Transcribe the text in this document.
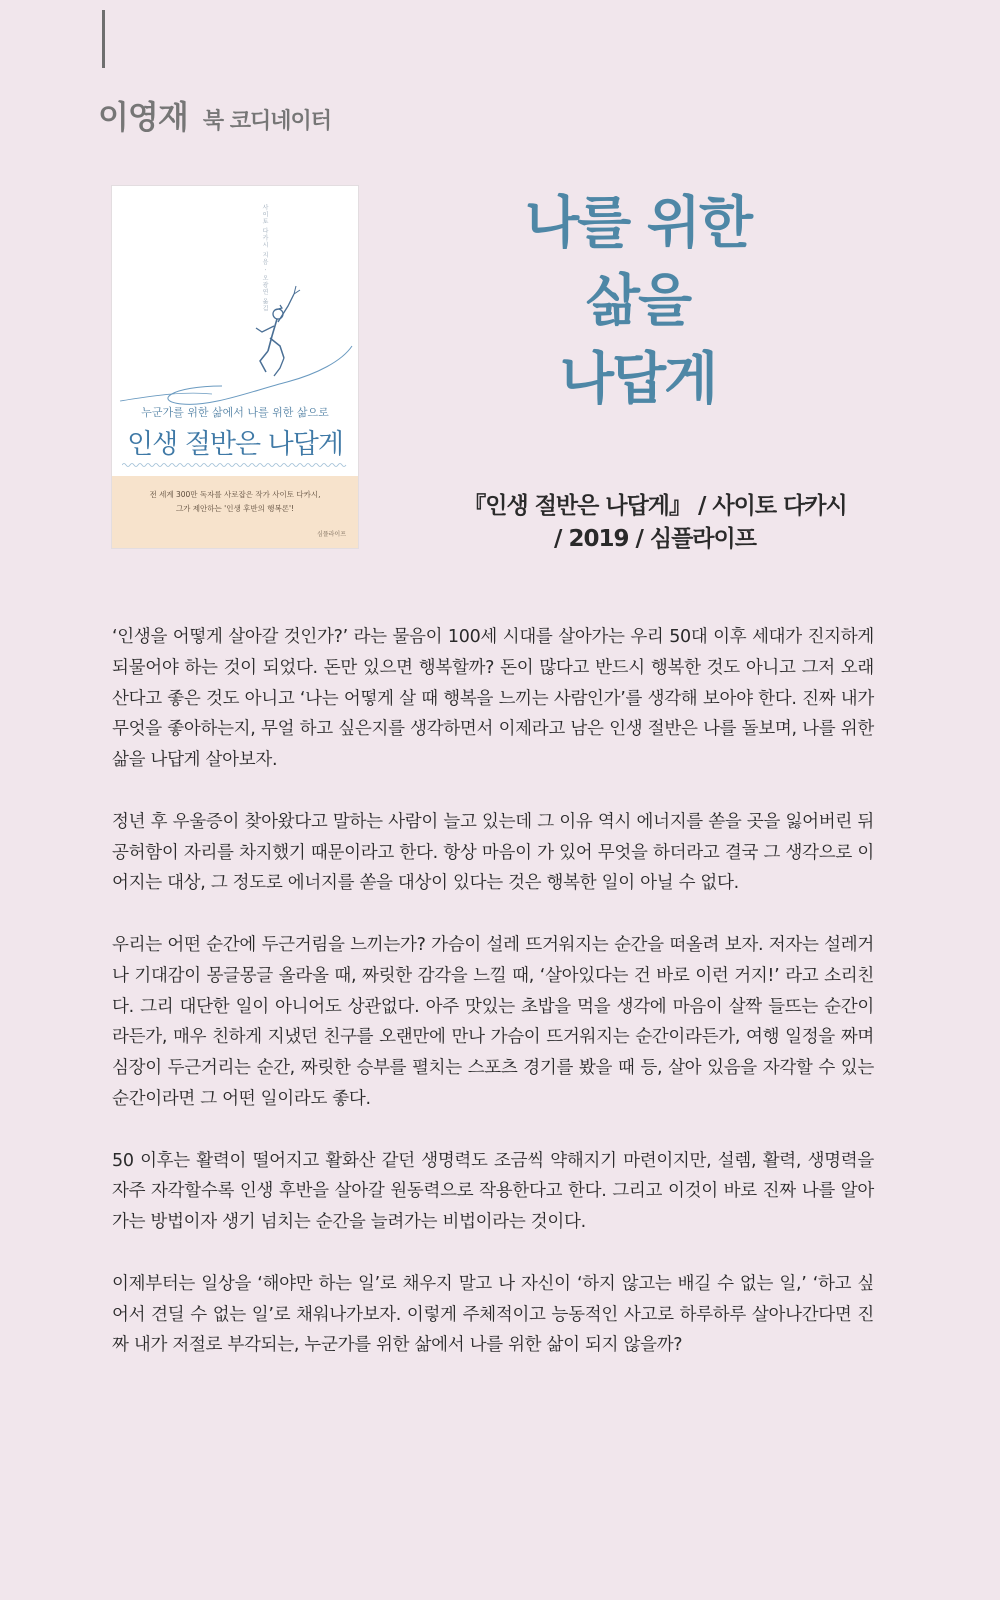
이영재 북 코디네이터
사이토 다카시 지음 · 오광연 옮김
누군가를 위한 삶에서 나를 위한 삶으로
인생 절반은 나답게
전 세계 300만 독자를 사로잡은 작가 사이토 다카시,
그가 제안하는 '인생 후반의 행복론'!
심플라이프
나를 위한
삶을
나답게
『인생 절반은 나답게』 / 사이토 다카시
/ 2019 / 심플라이프

‘인생을 어떻게 살아갈 것인가?’ 라는 물음이 100세 시대를 살아가는 우리 50대 이후 세대가 진지하게 되물어야 하는 것이 되었다. 돈만 있으면 행복할까? 돈이 많다고 반드시 행복한 것도 아니고 그저 오래 산다고 좋은 것도 아니고 ‘나는 어떻게 살 때 행복을 느끼는 사람인가’를 생각해 보아야 한다. 진짜 내가 무엇을 좋아하는지, 무얼 하고 싶은지를 생각하면서 이제라고 남은 인생 절반은 나를 돌보며, 나를 위한 삶을 나답게 살아보자.

정년 후 우울증이 찾아왔다고 말하는 사람이 늘고 있는데 그 이유 역시 에너지를 쏟을 곳을 잃어버린 뒤 공허함이 자리를 차지했기 때문이라고 한다. 항상 마음이 가 있어 무엇을 하더라고 결국 그 생각으로 이어지는 대상, 그 정도로 에너지를 쏟을 대상이 있다는 것은 행복한 일이 아닐 수 없다.

우리는 어떤 순간에 두근거림을 느끼는가? 가슴이 설레 뜨거워지는 순간을 떠올려 보자. 저자는 설레거나 기대감이 몽글몽글 올라올 때, 짜릿한 감각을 느낄 때, ‘살아있다는 건 바로 이런 거지!’ 라고 소리친다. 그리 대단한 일이 아니어도 상관없다. 아주 맛있는 초밥을 먹을 생각에 마음이 살짝 들뜨는 순간이라든가, 매우 친하게 지냈던 친구를 오랜만에 만나 가슴이 뜨거워지는 순간이라든가, 여행 일정을 짜며 심장이 두근거리는 순간, 짜릿한 승부를 펼치는 스포츠 경기를 봤을 때 등, 살아 있음을 자각할 수 있는 순간이라면 그 어떤 일이라도 좋다.

50 이후는 활력이 떨어지고 활화산 같던 생명력도 조금씩 약해지기 마련이지만, 설렘, 활력, 생명력을 자주 자각할수록 인생 후반을 살아갈 원동력으로 작용한다고 한다. 그리고 이것이 바로 진짜 나를 알아가는 방법이자 생기 넘치는 순간을 늘려가는 비법이라는 것이다.

이제부터는 일상을 ‘해야만 하는 일’로 채우지 말고 나 자신이 ‘하지 않고는 배길 수 없는 일,’ ‘하고 싶어서 견딜 수 없는 일’로 채워나가보자. 이렇게 주체적이고 능동적인 사고로 하루하루 살아나간다면 진짜 내가 저절로 부각되는, 누군가를 위한 삶에서 나를 위한 삶이 되지 않을까?
